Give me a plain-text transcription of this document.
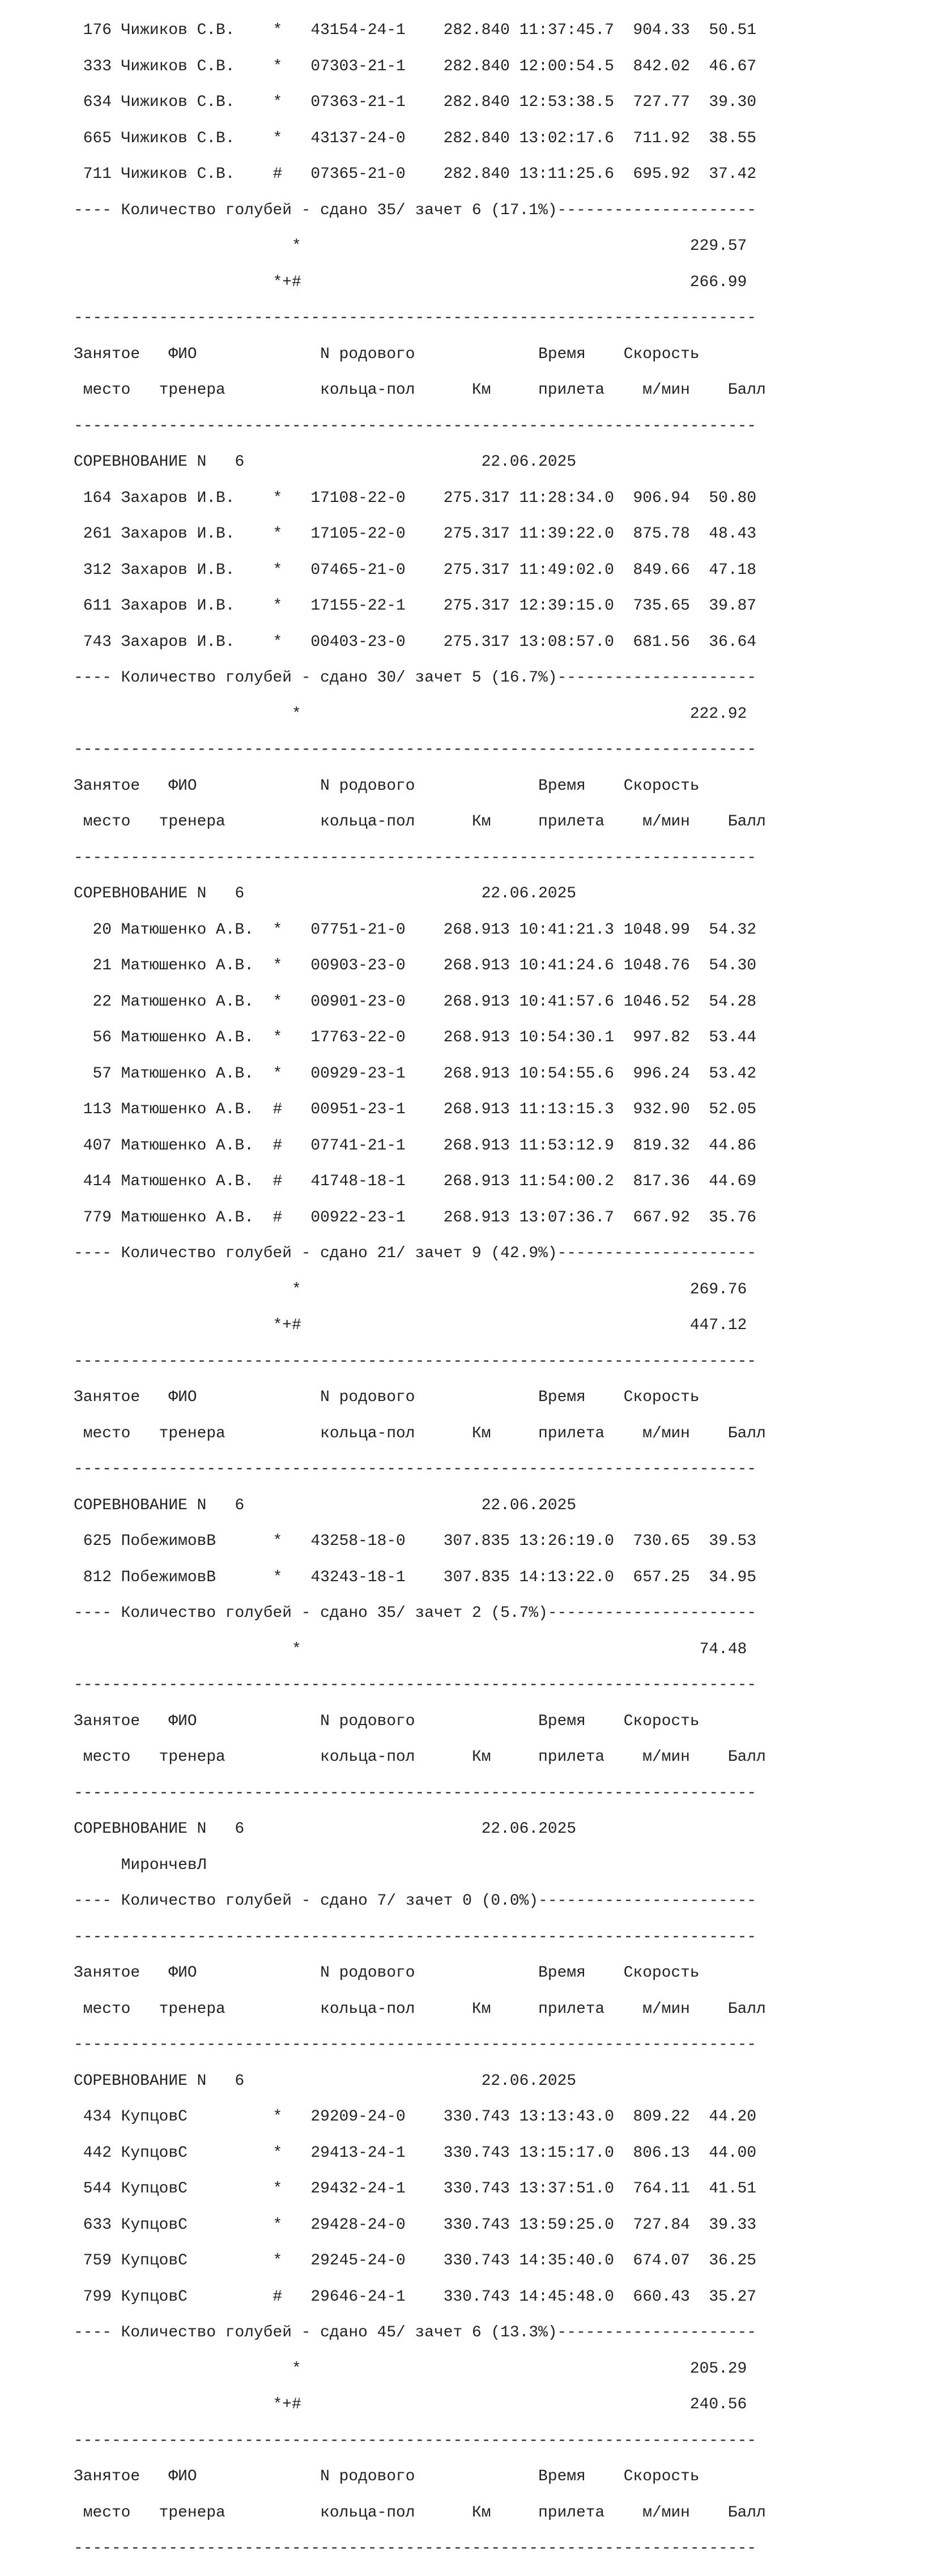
176 Чижиков С.В.    *   43154-24-1    282.840 11:37:45.7  904.33  50.51

333 Чижиков С.В.    *   07303-21-1    282.840 12:00:54.5  842.02  46.67

634 Чижиков С.В.    *   07363-21-1    282.840 12:53:38.5  727.77  39.30

665 Чижиков С.В.    *   43137-24-0    282.840 13:02:17.6  711.92  38.55

711 Чижиков С.В.    #   07365-21-0    282.840 13:11:25.6  695.92  37.42

---- Количество голубей - сдано 35/ зачет 6 (17.1%)---------------------

*                                         229.57

*+#                                         266.99

------------------------------------------------------------------------

Занятое   ФИО             N родового             Время    Скорость

место   тренера          кольца-пол      Км     прилета    м/мин    Балл

------------------------------------------------------------------------

СОРЕВНОВАНИЕ N   6                         22.06.2025

164 Захаров И.В.    *   17108-22-0    275.317 11:28:34.0  906.94  50.80

261 Захаров И.В.    *   17105-22-0    275.317 11:39:22.0  875.78  48.43

312 Захаров И.В.    *   07465-21-0    275.317 11:49:02.0  849.66  47.18

611 Захаров И.В.    *   17155-22-1    275.317 12:39:15.0  735.65  39.87

743 Захаров И.В.    *   00403-23-0    275.317 13:08:57.0  681.56  36.64

---- Количество голубей - сдано 30/ зачет 5 (16.7%)---------------------

*                                         222.92

------------------------------------------------------------------------

Занятое   ФИО             N родового             Время    Скорость

место   тренера          кольца-пол      Км     прилета    м/мин    Балл

------------------------------------------------------------------------

СОРЕВНОВАНИЕ N   6                         22.06.2025

20 Матюшенко А.В.  *   07751-21-0    268.913 10:41:21.3 1048.99  54.32

21 Матюшенко А.В.  *   00903-23-0    268.913 10:41:24.6 1048.76  54.30

22 Матюшенко А.В.  *   00901-23-0    268.913 10:41:57.6 1046.52  54.28

56 Матюшенко А.В.  *   17763-22-0    268.913 10:54:30.1  997.82  53.44

57 Матюшенко А.В.  *   00929-23-1    268.913 10:54:55.6  996.24  53.42

113 Матюшенко А.В.  #   00951-23-1    268.913 11:13:15.3  932.90  52.05

407 Матюшенко А.В.  #   07741-21-1    268.913 11:53:12.9  819.32  44.86

414 Матюшенко А.В.  #   41748-18-1    268.913 11:54:00.2  817.36  44.69

779 Матюшенко А.В.  #   00922-23-1    268.913 13:07:36.7  667.92  35.76

---- Количество голубей - сдано 21/ зачет 9 (42.9%)---------------------

*                                         269.76

*+#                                         447.12

------------------------------------------------------------------------

Занятое   ФИО             N родового             Время    Скорость

место   тренера          кольца-пол      Км     прилета    м/мин    Балл

------------------------------------------------------------------------

СОРЕВНОВАНИЕ N   6                         22.06.2025

625 ПобежимовВ      *   43258-18-0    307.835 13:26:19.0  730.65  39.53

812 ПобежимовВ      *   43243-18-1    307.835 14:13:22.0  657.25  34.95

---- Количество голубей - сдано 35/ зачет 2 (5.7%)----------------------

*                                          74.48

------------------------------------------------------------------------

Занятое   ФИО             N родового             Время    Скорость

место   тренера          кольца-пол      Км     прилета    м/мин    Балл

------------------------------------------------------------------------

СОРЕВНОВАНИЕ N   6                         22.06.2025

МирончевЛ

---- Количество голубей - сдано 7/ зачет 0 (0.0%)-----------------------

------------------------------------------------------------------------

Занятое   ФИО             N родового             Время    Скорость

место   тренера          кольца-пол      Км     прилета    м/мин    Балл

------------------------------------------------------------------------

СОРЕВНОВАНИЕ N   6                         22.06.2025

434 КупцовС         *   29209-24-0    330.743 13:13:43.0  809.22  44.20

442 КупцовС         *   29413-24-1    330.743 13:15:17.0  806.13  44.00

544 КупцовС         *   29432-24-1    330.743 13:37:51.0  764.11  41.51

633 КупцовС         *   29428-24-0    330.743 13:59:25.0  727.84  39.33

759 КупцовС         *   29245-24-0    330.743 14:35:40.0  674.07  36.25

799 КупцовС         #   29646-24-1    330.743 14:45:48.0  660.43  35.27

---- Количество голубей - сдано 45/ зачет 6 (13.3%)---------------------

*                                         205.29

*+#                                         240.56

------------------------------------------------------------------------

Занятое   ФИО             N родового             Время    Скорость

место   тренера          кольца-пол      Км     прилета    м/мин    Балл

------------------------------------------------------------------------
